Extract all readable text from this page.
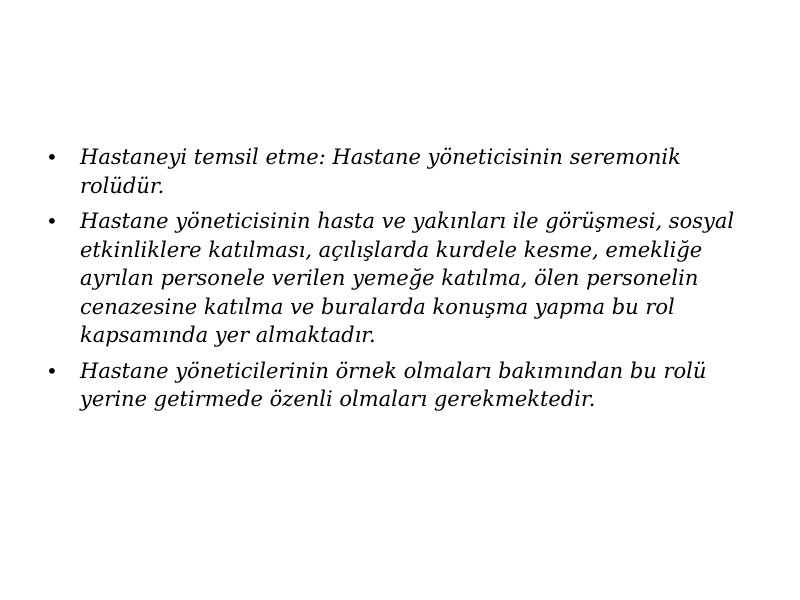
• Hastaneyi temsil etme: Hastane yöneticisinin seremonik rolüdür.
• Hastane yöneticisinin hasta ve yakınları ile görüşmesi, sosyal etkinliklere katılması, açılışlarda kurdele kesme, emekliğe ayrılan personele verilen yemeğe katılma, ölen personelin cenazesine katılma ve buralarda konuşma yapma bu rol kapsamında yer almaktadır.
• Hastane yöneticilerinin örnek olmaları bakımından bu rolü yerine getirmede özenli olmaları gerekmektedir.
